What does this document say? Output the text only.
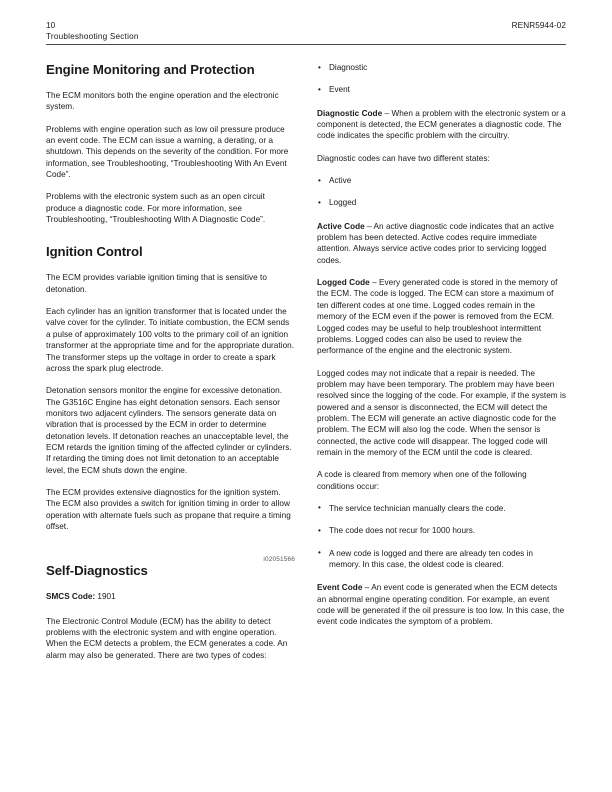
10	RENR5944-02
Troubleshooting Section
Engine Monitoring and Protection

The ECM monitors both the engine operation and the electronic system.

Problems with engine operation such as low oil pressure produce an event code. The ECM can issue a warning, a derating, or a shutdown. This depends on the severity of the condition. For more information, see Troubleshooting, “Troubleshooting With An Event Code”.

Problems with the electronic system such as an open circuit produce a diagnostic code. For more information, see Troubleshooting, “Troubleshooting With A Diagnostic Code”.

Ignition Control

The ECM provides variable ignition timing that is sensitive to detonation.

Each cylinder has an ignition transformer that is located under the valve cover for the cylinder. To initiate combustion, the ECM sends a pulse of approximately 100 volts to the primary coil of an ignition transformer at the appropriate time and for the appropriate duration. The transformer steps up the voltage in order to create a spark across the spark plug electrode.

Detonation sensors monitor the engine for excessive detonation. The G3516C Engine has eight detonation sensors. Each sensor monitors two adjacent cylinders. The sensors generate data on vibration that is processed by the ECM in order to determine detonation levels. If detonation reaches an unacceptable level, the ECM retards the ignition timing of the affected cylinder or cylinders. If retarding the timing does not limit detonation to an acceptable level, the ECM shuts down the engine.

The ECM provides extensive diagnostics for the ignition system. The ECM also provides a switch for ignition timing in order to allow operation with alternate fuels such as propane that require a timing offset.

i02051566

Self-Diagnostics

SMCS Code: 1901

The Electronic Control Module (ECM) has the ability to detect problems with the electronic system and with engine operation. When the ECM detects a problem, the ECM generates a code. An alarm may also be generated. There are two types of codes:

• Diagnostic
• Event

Diagnostic Code – When a problem with the electronic system or a component is detected, the ECM generates a diagnostic code. The code indicates the specific problem with the circuitry.

Diagnostic codes can have two different states:

• Active
• Logged

Active Code – An active diagnostic code indicates that an active problem has been detected. Active codes require immediate attention. Always service active codes prior to servicing logged codes.

Logged Code – Every generated code is stored in the memory of the ECM. The code is logged. The ECM can store a maximum of ten different codes at one time. Logged codes remain in the memory of the ECM even if the power is removed from the ECM. Logged codes may be useful to help troubleshoot intermittent problems. Logged codes can also be used to review the performance of the engine and the electronic system.

Logged codes may not indicate that a repair is needed. The problem may have been temporary. The problem may have been resolved since the logging of the code. For example, if the system is powered and a sensor is disconnected, the ECM will detect the problem. The ECM will generate an active diagnostic code for the problem. The ECM will also log the code. When the sensor is connected, the active code will disappear. The logged code will remain in the memory of the ECM until the code is cleared.

A code is cleared from memory when one of the following conditions occur:

• The service technician manually clears the code.
• The code does not recur for 1000 hours.
• A new code is logged and there are already ten codes in memory. In this case, the oldest code is cleared.

Event Code – An event code is generated when the ECM detects an abnormal engine operating condition. For example, an event code will be generated if the oil pressure is too low. In this case, the event code indicates the symptom of a problem.
